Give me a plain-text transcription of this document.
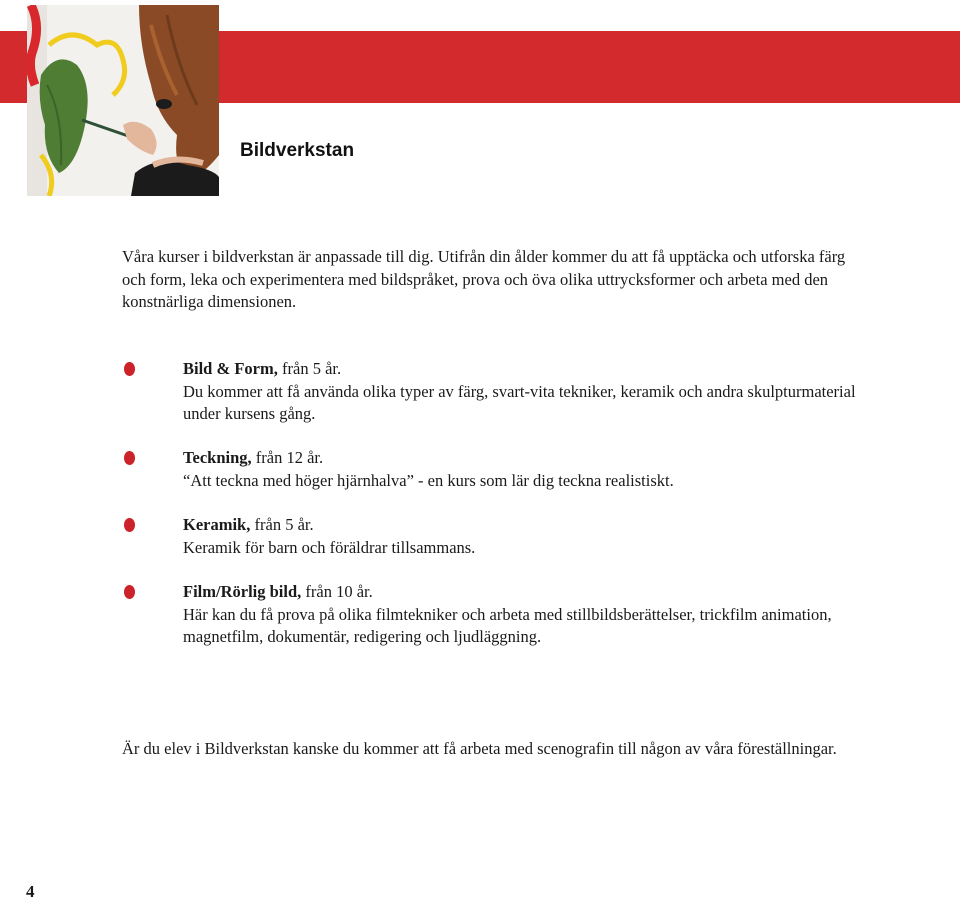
Bildverkstan

Våra kurser i bildverkstan är anpassade till dig. Utifrån din ålder kommer du att få upptäcka och utforska färg och form, leka och experimentera med bildspråket, prova och öva olika uttrycksformer och arbeta med den konstnärliga dimensionen.

Bild & Form, från 5 år.
Du kommer att få använda olika typer av färg, svart-vita tekniker, keramik och andra skulpturmaterial under kursens gång.
Teckning, från 12 år.
“Att teckna med höger hjärnhalva” - en kurs som lär dig teckna realistiskt.
Keramik, från 5 år.
Keramik för barn och föräldrar tillsammans.
Film/Rörlig bild, från 10 år.
Här kan du få prova på olika filmtekniker och arbeta med stillbildsberättelser, trickfilm animation, magnetfilm, dokumentär, redigering och ljudläggning.

Är du elev i Bildverkstan kanske du kommer att få arbeta med scenografin till någon av våra föreställningar.

4
